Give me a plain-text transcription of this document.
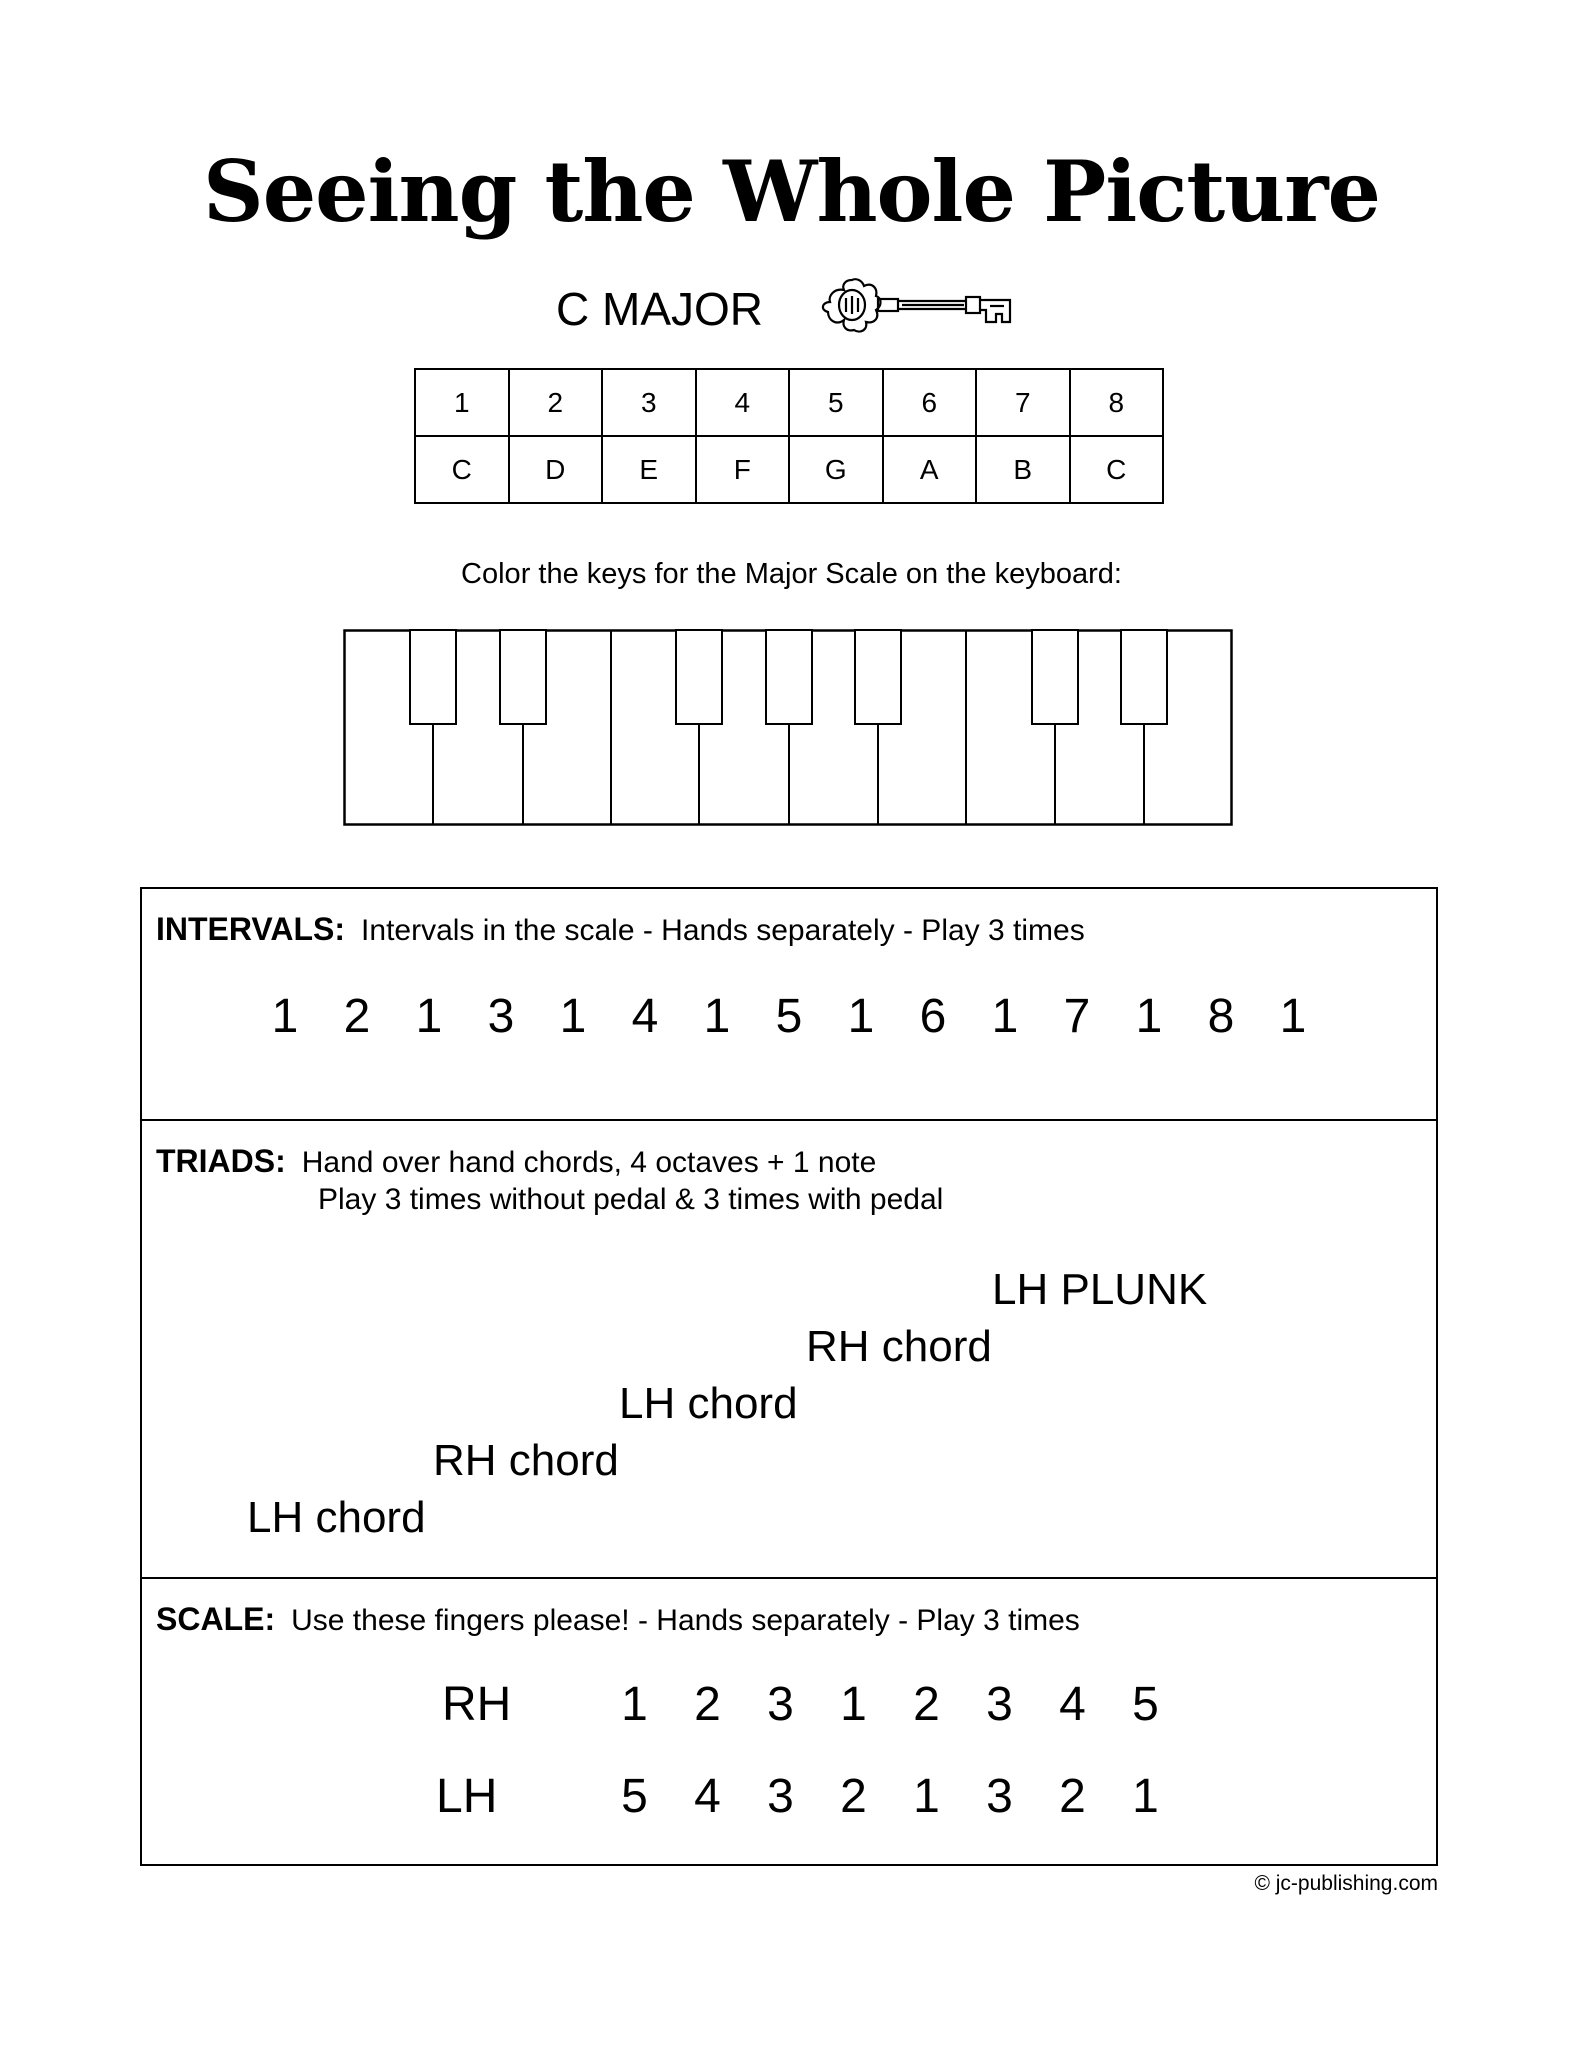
Seeing the Whole Picture
C MAJOR
1	2	3	4	5	6	7	8
C	D	E	F	G	A	B	C
Color the keys for the Major Scale on the keyboard:
INTERVALS: Intervals in the scale - Hands separately - Play 3 times
1 2 1 3 1 4 1 5 1 6 1 7 1 8 1
TRIADS: Hand over hand chords, 4 octaves + 1 note
Play 3 times without pedal & 3 times with pedal
LH PLUNK
RH chord
LH chord
RH chord
LH chord
SCALE: Use these fingers please! - Hands separately - Play 3 times
RH	1 2 3 1 2 3 4 5
LH	5 4 3 2 1 3 2 1
© jc-publishing.com
